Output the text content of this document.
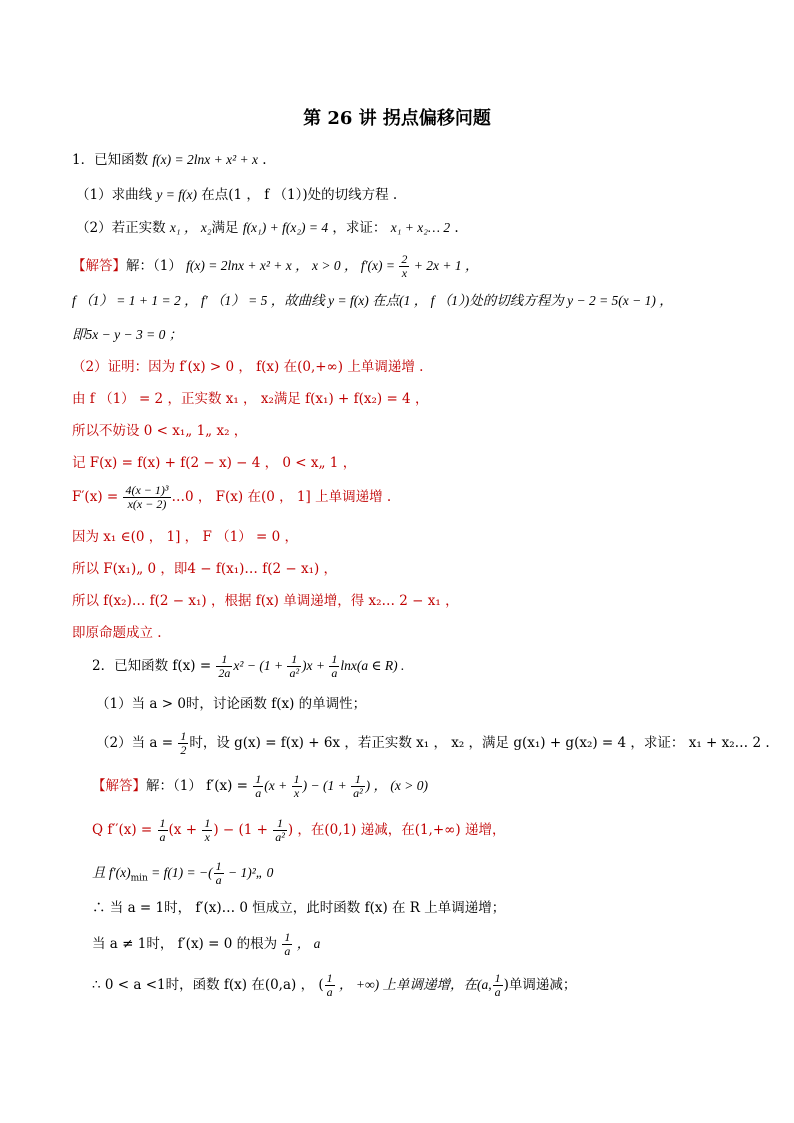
第 26 讲 拐点偏移问题
1．已知函数 f(x) = 2lnx + x² + x .
（1）求曲线 y = f(x) 在点(1 ， f （1）)处的切线方程 .
（2）若正实数 x₁ ， x₂满足 f(x₁) + f(x₂) = 4 ，求证： x₁ + x₂… 2 .
【解答】解：（1） f(x) = 2lnx + x² + x ， x > 0 ， $f'(x) = \frac{2}{x} + 2x + 1$ ，
f （1） = 1 + 1 = 2 ， f′ （1） = 5 ，故曲线 y = f(x) 在点(1 ， f （1）)处的切线方程为 y − 2 = 5(x − 1) ，
即5x − y − 3 = 0 ；
（2）证明：因为 f′(x) > 0 ， f(x) 在(0,+∞) 上单调递增 .
由 f （1） = 2 ，正实数 x₁ ， x₂满足 f(x₁) + f(x₂) = 4 ，
所以不妨设 0 < x₁„ 1„ x₂ ，
记 F(x) = f(x) + f(2 − x) − 4 ， 0 < x„ 1 ，
$F'(x) = \frac{\text{4(x − 1)³}}{x(x - 2)}$ …0 ， F(x) 在(0 ， 1] 上单调递增 .
因为 x₁ ∈(0 ， 1] ， F （1） = 0 ，
所以 F(x₁)„ 0 ，即4 − f(x₁)… f(2 − x₁) ，
所以 f(x₂)… f(2 − x₁) ，根据 f(x) 单调递增，得 x₂… 2 − x₁ ，
即原命题成立 .
2．已知函数 $f(x) = \frac{1}{2a} x^2 - (1 + \frac{1}{\text{a²}} )x + \frac{1}{a} \ln x(a$ ∈ R) .
（1）当 a > 0时，讨论函数 f(x) 的单调性；
（2）当 $a = \frac{1}{2}$ 时，设 g(x) = f(x) + 6x ，若正实数 x₁ ， x₂ ，满足 g(x₁) + g(x₂) = 4 ，求证： x₁ + x₂… 2 .
【解答】解：（1） $f'(x) = \frac{1}{a} (x + \frac{1}{x}$ ) − ($1 + \frac{1}{\text{a²}}$ ) ， (x > 0)
Q $f''(x) = \frac{1}{a} (x + \frac{1}{x}$ ) − ($1 + \frac{1}{\text{a²}}$ ) ，在(0,1) 递减，在(1,+∞) 递增，
且 $f'(x)_{min} = f(1)$ = −( $\frac{1}{a}$ − 1)²„ 0
∴ 当 a = 1时， f′(x)… 0 恒成立，此时函数 f(x) 在 R 上单调递增；
当 a ≠ 1时， f′(x) = 0 的根为 $\frac{1}{a}$ ， a
∴ 0 < a <1时，函数 f(x) 在(0,a) ， ( $\frac{1}{a}$ ， +∞) 上单调递增，在(a, $\frac{1}{a}$ )单调递减；
